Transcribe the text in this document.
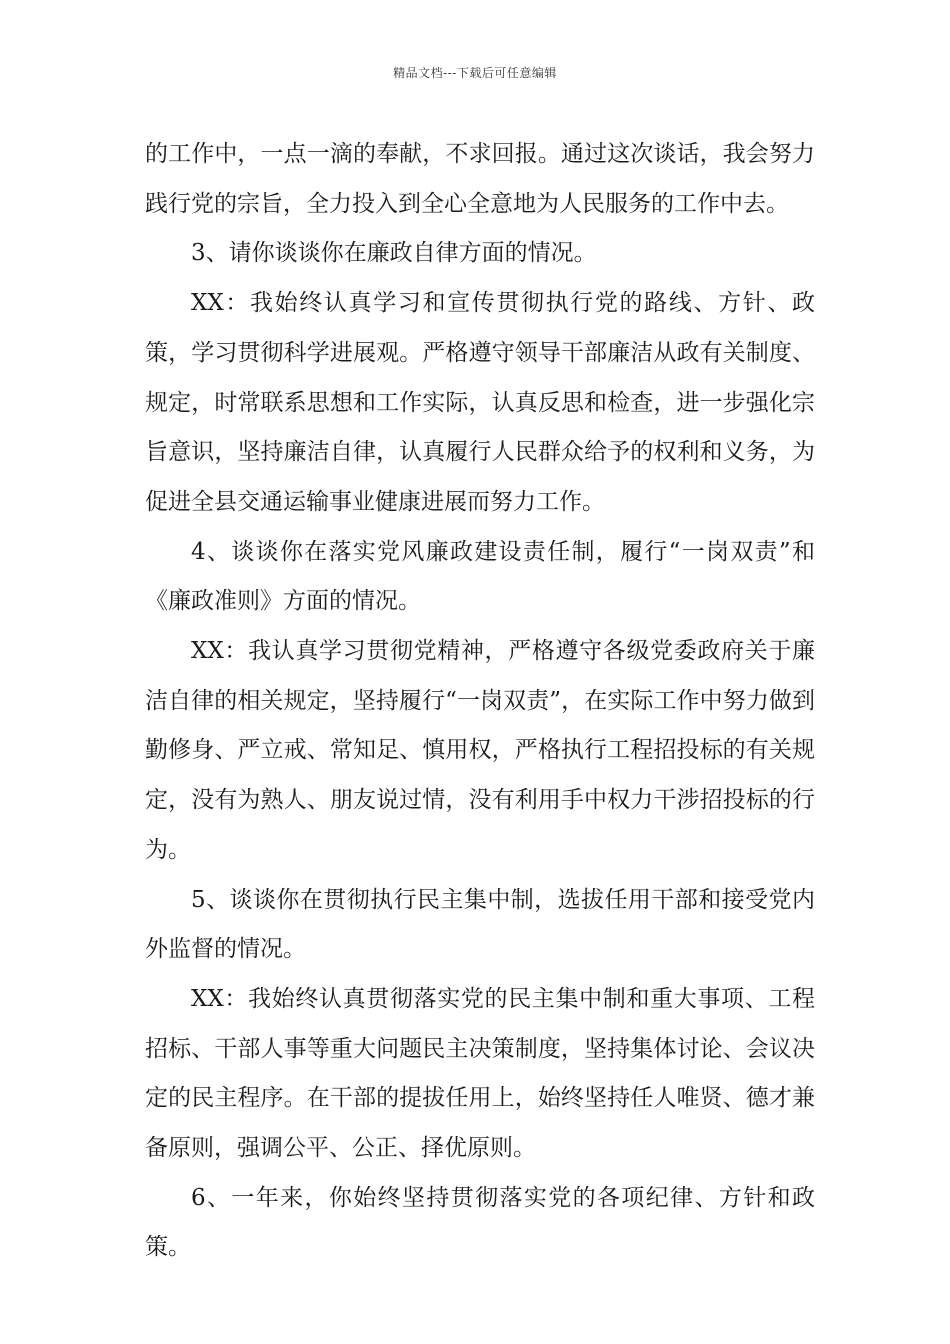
精品文档---下载后可任意编辑

的工作中，一点一滴的奉献，不求回报。通过这次谈话，我会努力践行党的宗旨，全力投入到全心全意地为人民服务的工作中去。

3、请你谈谈你在廉政自律方面的情况。

XX：我始终认真学习和宣传贯彻执行党的路线、方针、政策，学习贯彻科学进展观。严格遵守领导干部廉洁从政有关制度、规定，时常联系思想和工作实际，认真反思和检查，进一步强化宗旨意识，坚持廉洁自律，认真履行人民群众给予的权利和义务，为促进全县交通运输事业健康进展而努力工作。

4、谈谈你在落实党风廉政建设责任制，履行“一岗双责”和《廉政准则》方面的情况。

XX：我认真学习贯彻党精神，严格遵守各级党委政府关于廉洁自律的相关规定，坚持履行“一岗双责”，在实际工作中努力做到勤修身、严立戒、常知足、慎用权，严格执行工程招投标的有关规定，没有为熟人、朋友说过情，没有利用手中权力干涉招投标的行为。

5、谈谈你在贯彻执行民主集中制，选拔任用干部和接受党内外监督的情况。

XX：我始终认真贯彻落实党的民主集中制和重大事项、工程招标、干部人事等重大问题民主决策制度，坚持集体讨论、会议决定的民主程序。在干部的提拔任用上，始终坚持任人唯贤、德才兼备原则，强调公平、公正、择优原则。

6、一年来，你始终坚持贯彻落实党的各项纪律、方针和政策。
